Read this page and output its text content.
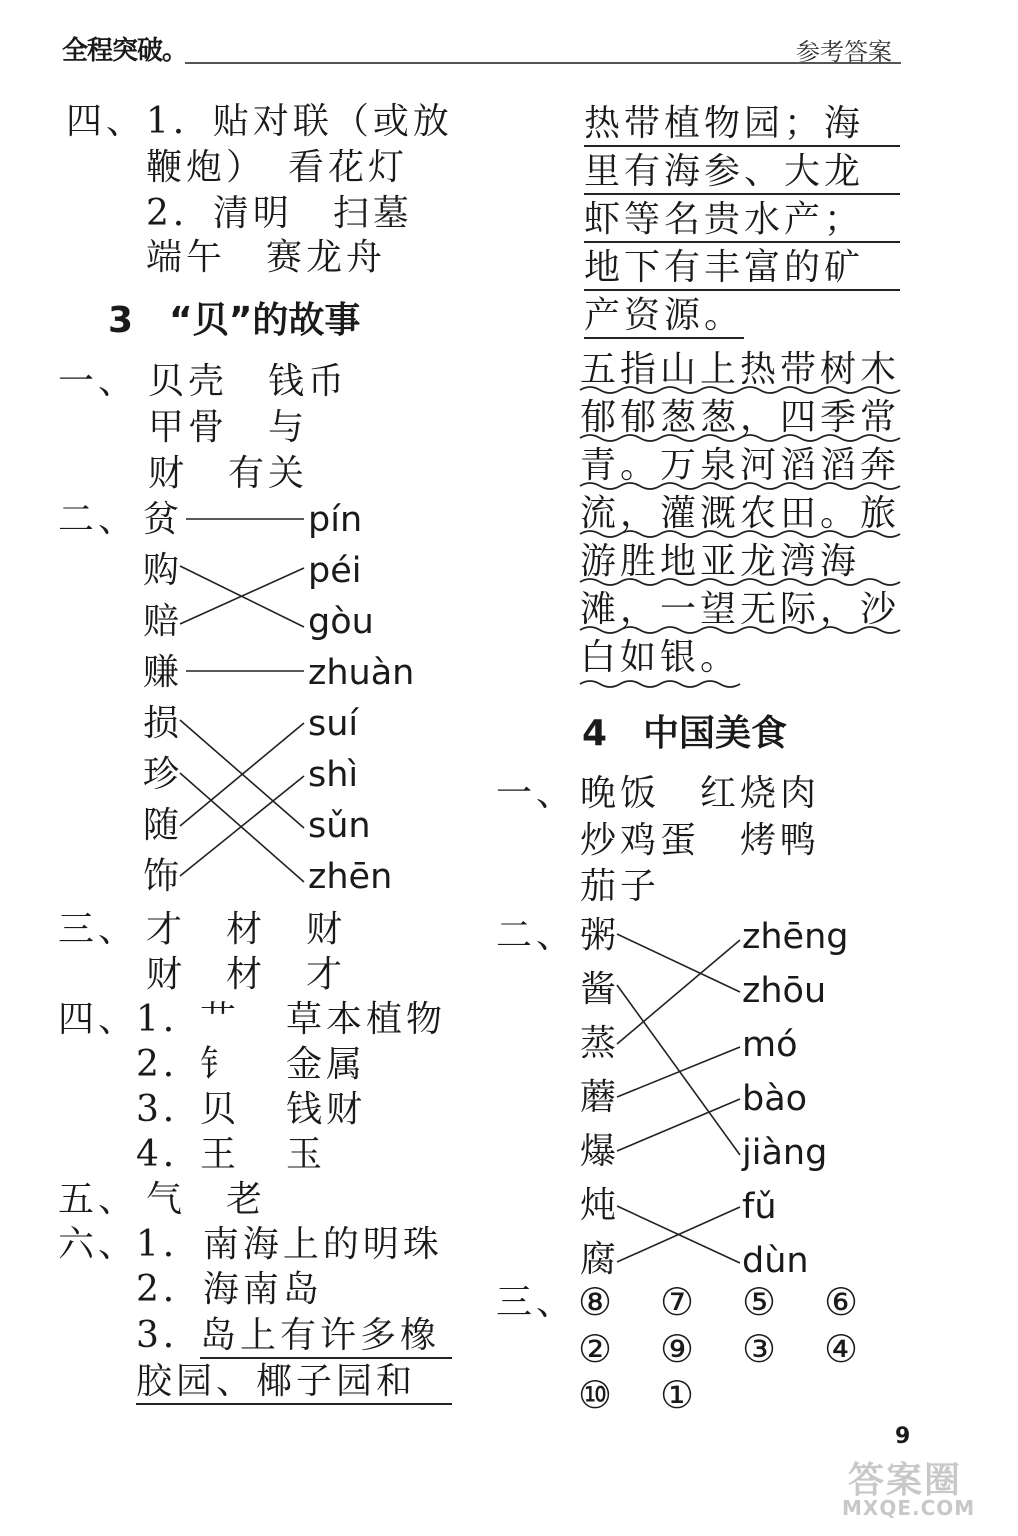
全程突破。	参考答案
四、 1．贴对联（或放
鞭炮）　看花灯
2．清明　扫墓
端午　赛龙舟
3　“贝”的故事
一、 贝壳　钱币
甲骨　与
财　有关
二、 贫
购
赔
赚
损
珍
随
饰
pín
péi
gòu
zhuàn
suí
shì
sǔn
zhēn
三、 才　材　财
财　材　才
四、
1．
艹 草本植物
2．
钅 金属
3．
贝 钱财
4．
王 玉
五、 气　老
六、
1．南海上的明珠
2．海南岛
3．
岛上有许多橡
胶园、椰子园和
热带植物园；海
里有海参、大龙
虾等名贵水产；
地下有丰富的矿
产资源。
五指山上热带树木
郁郁葱葱，四季常
青。万泉河滔滔奔
流，灌溉农田。旅
游胜地亚龙湾海
滩，一望无际，沙
白如银。
4　中国美食
一、 晚饭　红烧肉
炒鸡蛋　烤鸭
茄子
二、 粥
酱
蒸
蘑
爆
炖
腐
zhēng
zhōu
mó
bào
jiàng
fǔ
dùn
三、 ⑧ ⑦ ⑤ ⑥
② ⑨ ③ ④
⑩ ①
9
答案圈
MXQE.COM
